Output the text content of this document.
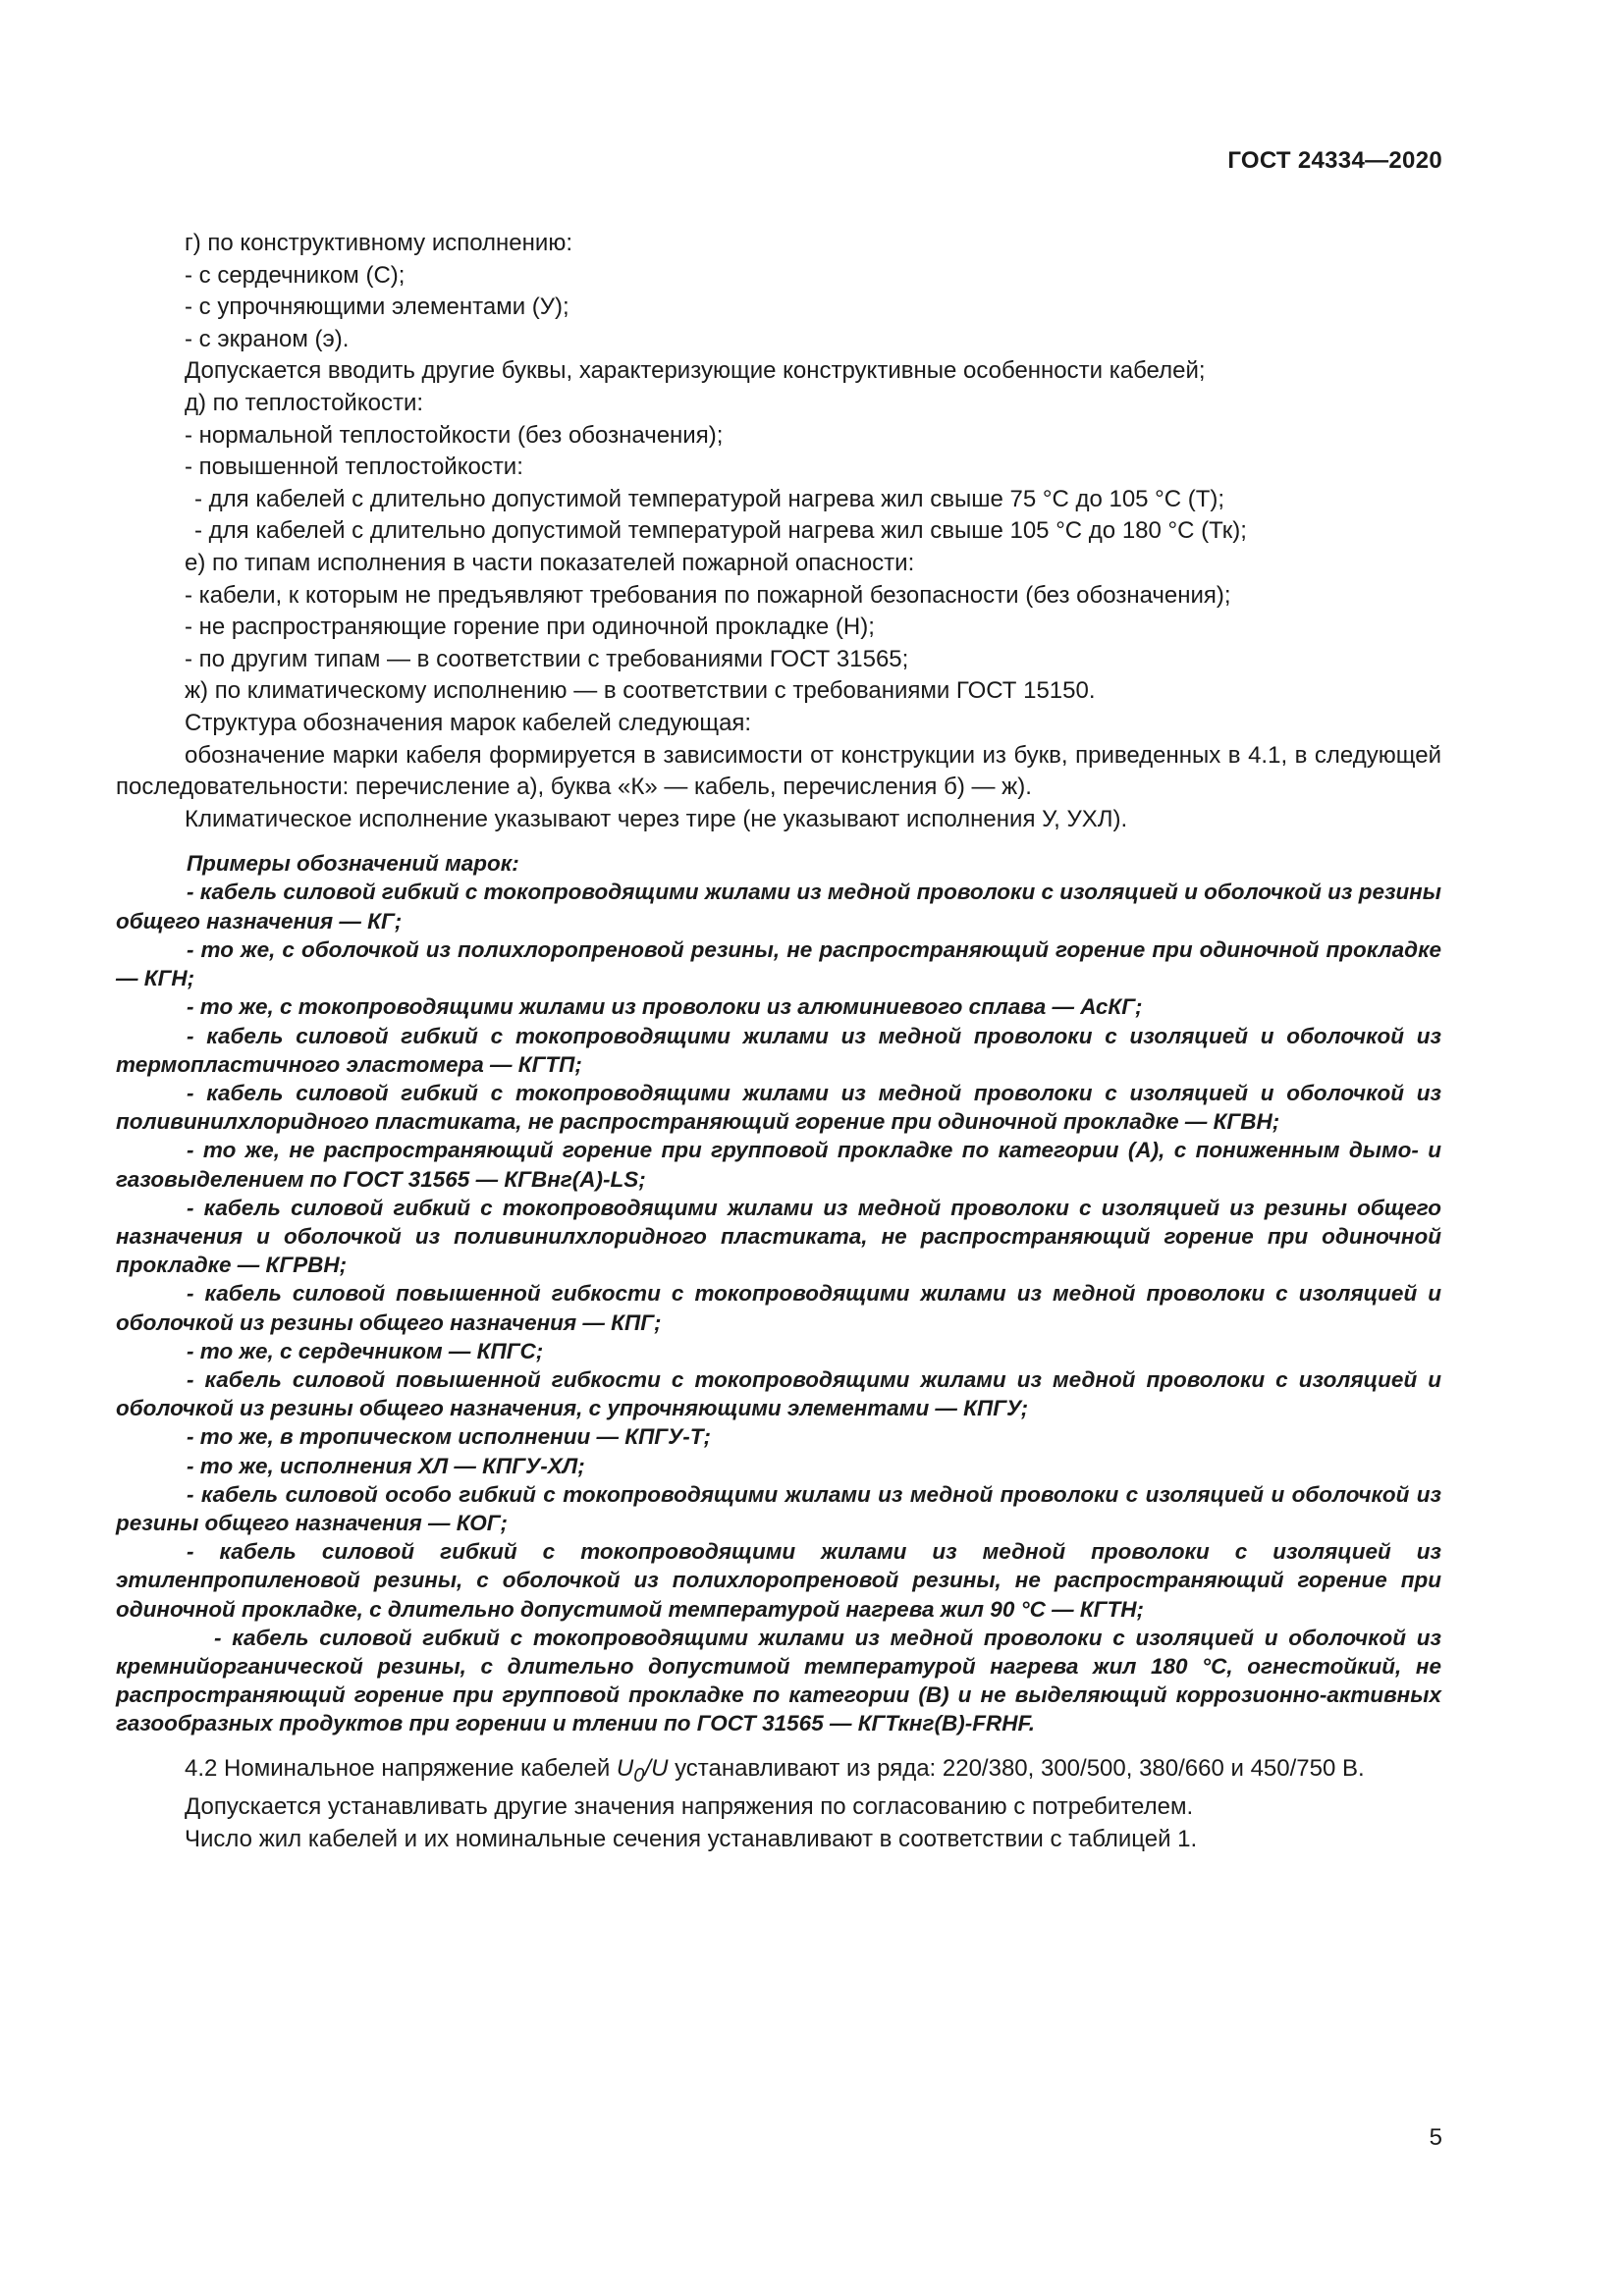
ГОСТ 24334—2020

г) по конструктивному исполнению:

- с сердечником (С);

- с упрочняющими элементами (У);

- с экраном (э).

Допускается вводить другие буквы, характеризующие конструктивные особенности кабелей;

д) по теплостойкости:

- нормальной теплостойкости (без обозначения);

- повышенной теплостойкости:

- для кабелей с длительно допустимой температурой нагрева жил свыше 75 °С до 105 °С (Т);

- для кабелей с длительно допустимой температурой нагрева жил свыше 105 °С до 180 °С (Тк);

е) по типам исполнения в части показателей пожарной опасности:

- кабели, к которым не предъявляют требования по пожарной безопасности (без обозначения);

- не распространяющие горение при одиночной прокладке (Н);

- по другим типам — в соответствии с требованиями ГОСТ 31565;

ж) по климатическому исполнению — в соответствии с требованиями ГОСТ 15150.

Структура обозначения марок кабелей следующая:

обозначение марки кабеля формируется в зависимости от конструкции из букв, приведенных в 4.1, в следующей последовательности: перечисление а), буква «К» — кабель, перечисления б) — ж).

Климатическое исполнение указывают через тире (не указывают исполнения У, УХЛ).

Примеры обозначений марок:

- кабель силовой гибкий с токопроводящими жилами из медной проволоки с изоляцией и оболочкой из резины общего назначения — КГ;

- то же, с оболочкой из полихлоропреновой резины, не распространяющий горение при одиночной прокладке — КГН;

- то же, с токопроводящими жилами из проволоки из алюминиевого сплава — АсКГ;

- кабель силовой гибкий с токопроводящими жилами из медной проволоки с изоляцией и оболочкой из термопластичного эластомера — КГТП;

- кабель силовой гибкий с токопроводящими жилами из медной проволоки с изоляцией и оболочкой из поливинилхлоридного пластиката, не распространяющий горение при одиночной прокладке — КГВН;

- то же, не распространяющий горение при групповой прокладке по категории (А), с пониженным дымо- и газовыделением по ГОСТ 31565 — КГВнг(А)-LS;

- кабель силовой гибкий с токопроводящими жилами из медной проволоки с изоляцией из резины общего назначения и оболочкой из поливинилхлоридного пластиката, не распространяющий горение при одиночной прокладке — КГРВН;

- кабель силовой повышенной гибкости с токопроводящими жилами из медной проволоки с изоляцией и оболочкой из резины общего назначения — КПГ;

- то же, с сердечником — КПГС;

- кабель силовой повышенной гибкости с токопроводящими жилами из медной проволоки с изоляцией и оболочкой из резины общего назначения, с упрочняющими элементами — КПГУ;

- то же, в тропическом исполнении — КПГУ-Т;

- то же, исполнения ХЛ — КПГУ-ХЛ;

- кабель силовой особо гибкий с токопроводящими жилами из медной проволоки с изоляцией и оболочкой из резины общего назначения — КОГ;

- кабель силовой гибкий с токопроводящими жилами из медной проволоки с изоляцией из этиленпропиленовой резины, с оболочкой из полихлоропреновой резины, не распространяющий горение при одиночной прокладке, с длительно допустимой температурой нагрева жил 90 °С — КГТН;

- кабель силовой гибкий с токопроводящими жилами из медной проволоки с изоляцией и оболочкой из кремнийорганической резины, с длительно допустимой температурой нагрева жил 180 °С, огнестойкий, не распространяющий горение при групповой прокладке по категории (В) и не выделяющий коррозионно-активных газообразных продуктов при горении и тлении по ГОСТ 31565 — КГТкнг(В)-FRHF.

4.2 Номинальное напряжение кабелей $U_0/U$ устанавливают из ряда: 220/380, 300/500, 380/660 и 450/750 В.

Допускается устанавливать другие значения напряжения по согласованию с потребителем.

Число жил кабелей и их номинальные сечения устанавливают в соответствии с таблицей 1.

5
